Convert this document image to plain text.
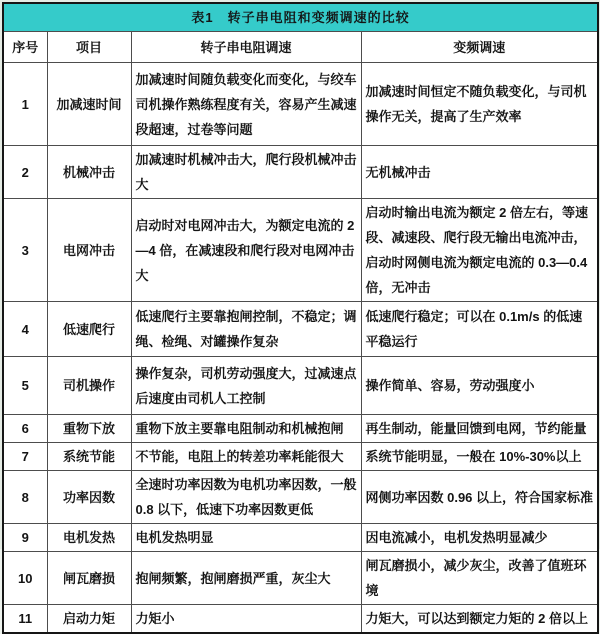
表1　转子串电阻和变频调速的比较			
序号	项目	转子串电阻调速	变频调速
1	加减速时间	加减速时间随负载变化而变化，与绞车司机操作熟练程度有关，容易产生减速段超速，过卷等问题	加减速时间恒定不随负载变化，与司机操作无关，提高了生产效率
2	机械冲击	加减速时机械冲击大，爬行段机械冲击大	无机械冲击
3	电网冲击	启动时对电网冲击大，为额定电流的 2—4 倍，在减速段和爬行段对电网冲击大	启动时输出电流为额定 2 倍左右，等速段、减速段、爬行段无输出电流冲击，启动时网侧电流为额定电流的 0.3—0.4 倍，无冲击
4	低速爬行	低速爬行主要靠抱闸控制，不稳定；调绳、检绳、对罐操作复杂	低速爬行稳定；可以在 0.1m/s 的低速平稳运行
5	司机操作	操作复杂，司机劳动强度大，过减速点后速度由司机人工控制	操作简单、容易，劳动强度小
6	重物下放	重物下放主要靠电阻制动和机械抱闸	再生制动，能量回馈到电网，节约能量
7	系统节能	不节能，电阻上的转差功率耗能很大	系统节能明显，一般在 10%-30%以上
8	功率因数	全速时功率因数为电机功率因数，一般 0.8 以下，低速下功率因数更低	网侧功率因数 0.96 以上，符合国家标准
9	电机发热	电机发热明显	因电流减小，电机发热明显减少
10	闸瓦磨损	抱闸频繁，抱闸磨损严重，灰尘大	闸瓦磨损小，减少灰尘，改善了值班环境
11	启动力矩	力矩小	力矩大，可以达到额定力矩的 2 倍以上
